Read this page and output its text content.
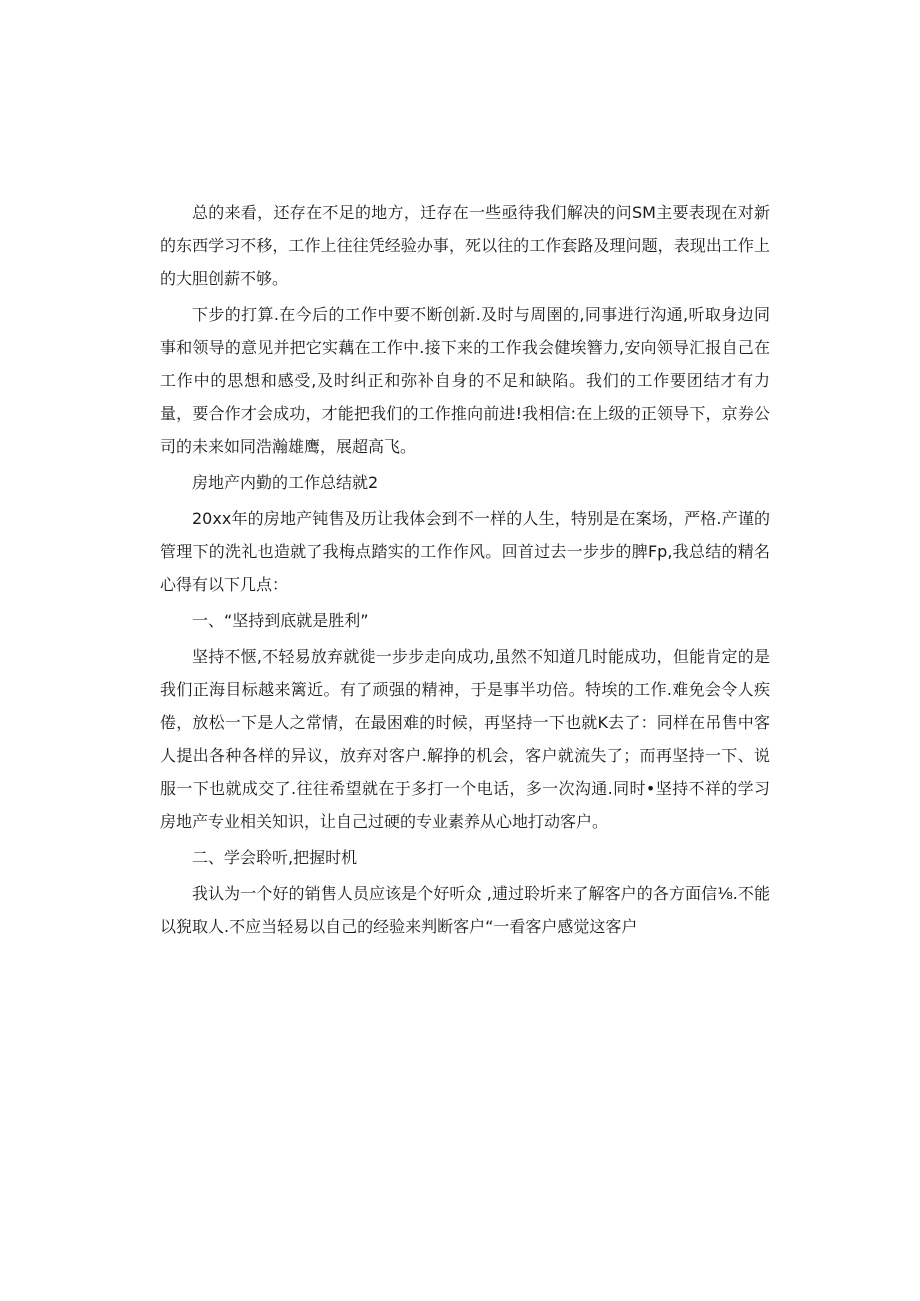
总的来看，还存在不足的地方，迁存在一些亟待我们解决的问SM主要表现在对新的东西学习不移，工作上往往凭经验办事，死以往的工作套路及理问题，表现出工作上的大胆创薪不够。

下步的打算.在今后的工作中要不断创新.及时与周圉的,同事进行沟通,听取身边同事和领导的意见并把它实藕在工作中.接下来的工作我会健埃簪力,安向领导汇报自己在工作中的思想和感受,及时纠正和弥补自身的不足和缺陷。我们的工作要团结才有力量，要合作才会成功，才能把我们的工作推向前进!我相信:在上级的正领导下，京券公司的未来如同浩瀚雄鹰，展超高飞。

房地产内勤的工作总结就2

20xx年的房地产钝售及历让我体会到不一样的人生，特别是在案场，严格.产谨的管理下的洗礼也造就了我梅点踏实的工作作风。回首过去一步步的脾Fp,我总结的精名心得有以下几点：

一、“坚持到底就是胜利”

坚持不惬,不轻易放弃就徙一步步走向成功,虽然不知道几时能成功，但能肯定的是我们正海目标越来篱近。有了顽强的精神，于是事半功倍。特埃的工作.难免会令人疾倦，放松一下是人之常情，在最困难的时候，再坚持一下也就K去了：同样在吊售中客人提出各种各样的异议，放弃对客户.解挣的机会，客户就流失了；而再坚持一下、说服一下也就成交了.往往希望就在于多打一个电话，多一次沟通.同时•坚持不祥的学习房地产专业相关知识，让自己过硬的专业素养从心地打动客户。

二、学会聆听,把握时机

我认为一个好的销售人员应该是个好听众 ,逋过聆圻来了解客户的各方面信⅛.不能以猊取人.不应当轻易以自己的经验来判断客户“一看客户感觉这客户
